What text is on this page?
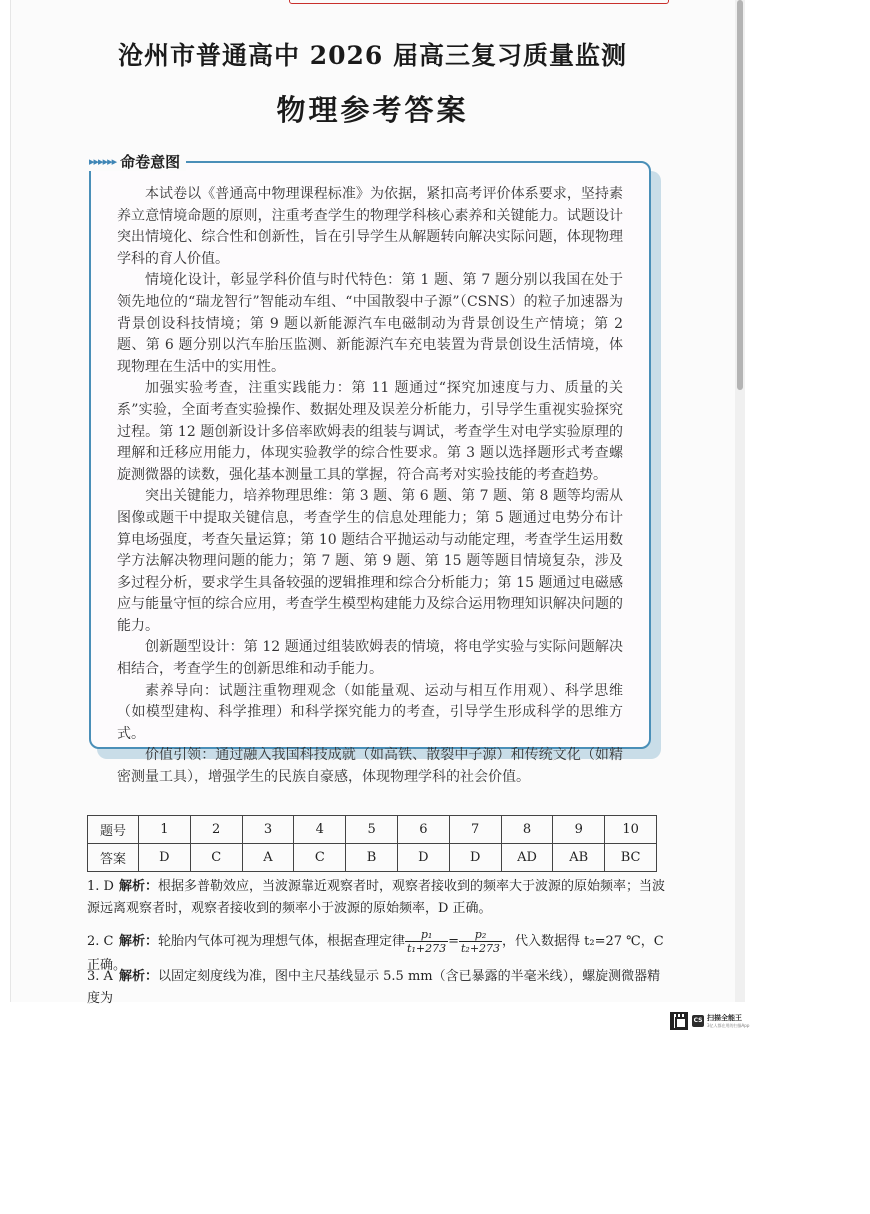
沧州市普通高中 2026 届高三复习质量监测
物理参考答案
▸▸▸▸▸▸ 命卷意图

本试卷以《普通高中物理课程标准》为依据，紧扣高考评价体系要求，坚持素养立意情境命题的原则，注重考查学生的物理学科核心素养和关键能力。试题设计突出情境化、综合性和创新性，旨在引导学生从解题转向解决实际问题，体现物理学科的育人价值。

情境化设计，彰显学科价值与时代特色：第 1 题、第 7 题分别以我国在处于领先地位的“瑞龙智行”智能动车组、“中国散裂中子源”（CSNS）的粒子加速器为背景创设科技情境；第 9 题以新能源汽车电磁制动为背景创设生产情境；第 2 题、第 6 题分别以汽车胎压监测、新能源汽车充电装置为背景创设生活情境，体现物理在生活中的实用性。

加强实验考查，注重实践能力：第 11 题通过“探究加速度与力、质量的关系”实验，全面考查实验操作、数据处理及误差分析能力，引导学生重视实验探究过程。第 12 题创新设计多倍率欧姆表的组装与调试，考查学生对电学实验原理的理解和迁移应用能力，体现实验教学的综合性要求。第 3 题以选择题形式考查螺旋测微器的读数，强化基本测量工具的掌握，符合高考对实验技能的考查趋势。

突出关键能力，培养物理思维：第 3 题、第 6 题、第 7 题、第 8 题等均需从图像或题干中提取关键信息，考查学生的信息处理能力；第 5 题通过电势分布计算电场强度，考查矢量运算；第 10 题结合平抛运动与动能定理，考查学生运用数学方法解决物理问题的能力；第 7 题、第 9 题、第 15 题等题目情境复杂，涉及多过程分析，要求学生具备较强的逻辑推理和综合分析能力；第 15 题通过电磁感应与能量守恒的综合应用，考查学生模型构建能力及综合运用物理知识解决问题的能力。

创新题型设计：第 12 题通过组装欧姆表的情境，将电学实验与实际问题解决相结合，考查学生的创新思维和动手能力。

素养导向：试题注重物理观念（如能量观、运动与相互作用观）、科学思维（如模型建构、科学推理）和科学探究能力的考查，引导学生形成科学的思维方式。

价值引领：通过融入我国科技成就（如高铁、散裂中子源）和传统文化（如精密测量工具），增强学生的民族自豪感，体现物理学科的社会价值。

题号	1	2	3	4	5	6	7	8	9	10
答案	D	C	A	C	B	D	D	AD	AB	BC
1. D 解析：根据多普勒效应，当波源靠近观察者时，观察者接收到的频率大于波源的原始频率；当波源远离观察者时，观察者接收到的频率小于波源的原始频率，D 正确。
2. C 解析：轮胎内气体可视为理想气体，根据查理定律 $\frac{\text{p₁}}{\text{t₁+273}} = \frac{\text{p₂}}{\text{t₂+273}}$ ，代入数据得 t₂=27 ℃，C 正确。
3. A 解析：以固定刻度线为准，图中主尺基线显示 5.5 mm（含已暴露的半毫米线），螺旋测微器精度为
CS 扫描全能王
3亿人都在用的扫描App
